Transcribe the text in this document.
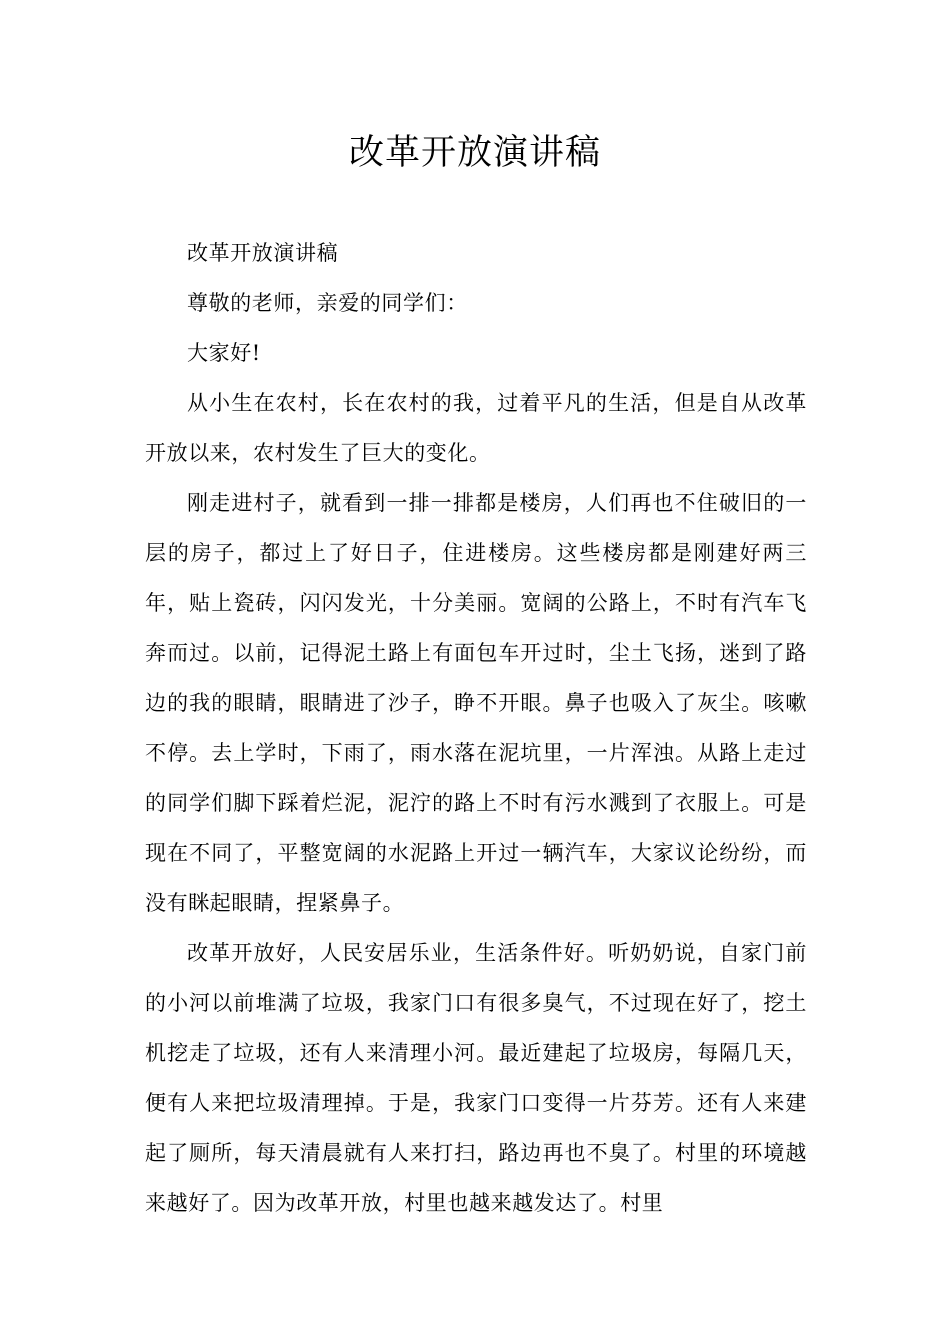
改革开放演讲稿

改革开放演讲稿

尊敬的老师，亲爱的同学们：

大家好!

从小生在农村，长在农村的我，过着平凡的生活，但是自从改革开放以来，农村发生了巨大的变化。

刚走进村子，就看到一排一排都是楼房，人们再也不住破旧的一层的房子，都过上了好日子，住进楼房。这些楼房都是刚建好两三年，贴上瓷砖，闪闪发光，十分美丽。宽阔的公路上，不时有汽车飞奔而过。以前，记得泥土路上有面包车开过时，尘土飞扬，迷到了路边的我的眼睛，眼睛进了沙子，睁不开眼。鼻子也吸入了灰尘。咳嗽不停。去上学时，下雨了，雨水落在泥坑里，一片浑浊。从路上走过的同学们脚下踩着烂泥，泥泞的路上不时有污水溅到了衣服上。可是现在不同了，平整宽阔的水泥路上开过一辆汽车，大家议论纷纷，而没有眯起眼睛，捏紧鼻子。

改革开放好，人民安居乐业，生活条件好。听奶奶说，自家门前的小河以前堆满了垃圾，我家门口有很多臭气，不过现在好了，挖土机挖走了垃圾，还有人来清理小河。最近建起了垃圾房，每隔几天，便有人来把垃圾清理掉。于是，我家门口变得一片芬芳。还有人来建起了厕所，每天清晨就有人来打扫，路边再也不臭了。村里的环境越来越好了。因为改革开放，村里也越来越发达了。村里
